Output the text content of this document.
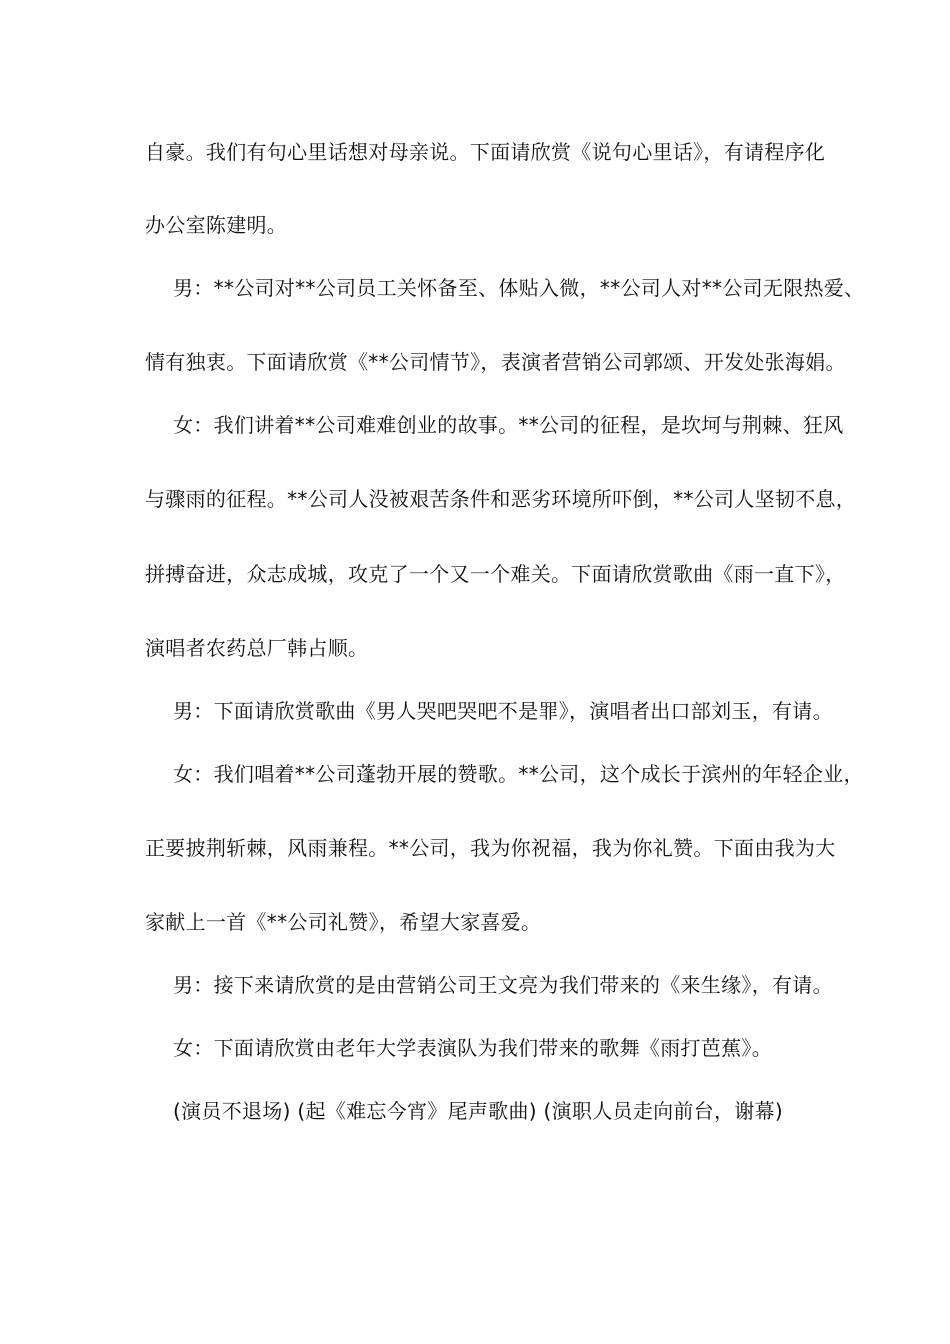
自豪。我们有句心里话想对母亲说。下面请欣赏《说句心里话》，有请程序化
办公室陈建明。
男：**公司对**公司员工关怀备至、体贴入微，**公司人对**公司无限热爱、
情有独衷。下面请欣赏《**公司情节》，表演者营销公司郭颂、开发处张海娟。
女：我们讲着**公司难难创业的故事。**公司的征程，是坎坷与荆棘、狂风
与骤雨的征程。**公司人没被艰苦条件和恶劣环境所吓倒，**公司人坚韧不息，
拼搏奋进，众志成城，攻克了一个又一个难关。下面请欣赏歌曲《雨一直下》，
演唱者农药总厂韩占顺。
男：下面请欣赏歌曲《男人哭吧哭吧不是罪》，演唱者出口部刘玉，有请。
女：我们唱着**公司蓬勃开展的赞歌。**公司，这个成长于滨州的年轻企业，
正要披荆斩棘，风雨兼程。**公司，我为你祝福，我为你礼赞。下面由我为大
家献上一首《**公司礼赞》，希望大家喜爱。
男：接下来请欣赏的是由营销公司王文亮为我们带来的《来生缘》，有请。
女：下面请欣赏由老年大学表演队为我们带来的歌舞《雨打芭蕉》。
(演员不退场) (起《难忘今宵》尾声歌曲) (演职人员走向前台，谢幕)
